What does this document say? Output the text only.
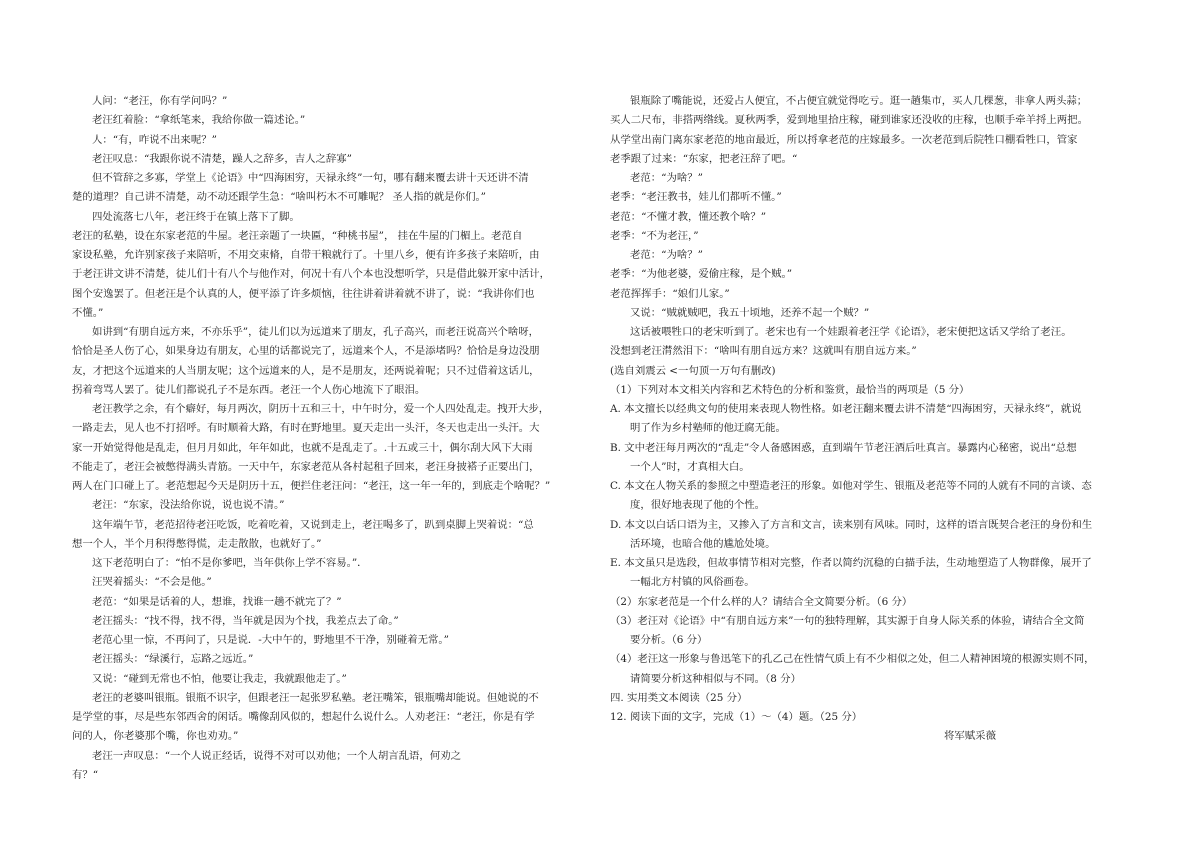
人问：“老汪，你有学问吗？”
老汪红着脸：“拿纸笔来，我给你做一篇述论。”
人：“有，咋说不出来呢？”
老汪叹息：“我跟你说不清楚，躁人之辞多，吉人之辞寡”
但不管辞之多寡，学堂上《论语》中“四海困穷，天禄永终”一句，哪有翻来覆去讲十天还讲不清
楚的道理？自己讲不清楚，动不动还跟学生急：“啥叫朽木不可雕呢？ 圣人指的就是你们。”
四处流落七八年，老汪终于在镇上落下了脚。
老汪的私塾，设在东家老范的牛屋。老汪亲题了一块匾，“种桃书屋”， 挂在牛屋的门楣上。老范自
家设私塾，允许别家孩子来陪听，不用交束脩，自带干粮就行了。十里八乡，便有许多孩子来陪听，由
于老汪讲文讲不清楚，徒儿们十有八个与他作对，何况十有八个本也没想听学，只是借此躲开家中活计，
图个安逸罢了。但老汪是个认真的人，便平添了许多烦恼，往往讲着讲着就不讲了，说：“我讲你们也
不懂。”
如讲到“有朋自远方来，不亦乐乎”，徒儿们以为远道来了朋友，孔子高兴，而老汪说高兴个啥呀，
恰恰是圣人伤了心，如果身边有朋友，心里的话都说完了，远道来个人，不是添堵吗？恰恰是身边没朋
友，才把这个远道来的人当朋友呢；这个远道来的人，是不是朋友，还两说着呢；只不过借着这话儿，
拐着弯骂人罢了。徒儿们都说孔子不是东西。老汪一个人伤心地流下了眼泪。
老汪教学之余，有个癖好，每月两次，阴历十五和三十，中午时分，爱一个人四处乱走。拽开大步，
一路走去，见人也不打招呼。有时顺着大路，有时在野地里。夏天走出一头汗，冬天也走出一头汗。大
家一开始觉得他是乱走，但月月如此，年年如此，也就不是乱走了。.十五或三十，偶尔刮大风下大雨
不能走了，老汪会被憋得满头青筋。一天中午，东家老范从各村起租子回来，老汪身披褡子正要出门，
两人在门口碰上了。老范想起今天是阴历十五，便拦住老汪问：“老汪，这一年一年的，到底走个啥呢？”
老汪：“东家，没法给你说，说也说不清。”
这年端午节，老范招待老汪吃饭，吃着吃着，又说到走上，老汪喝多了，趴到桌脚上哭着说：“总
想一个人，半个月积得憋得慌，走走散散，也就好了。”
这下老范明白了：“怕不是你爹吧，当年供你上学不容易。”．
汪哭着摇头：“不会是他。”
老范：“如果是话着的人，想谁，找谁一趟不就完了？”
老汪摇头：“找不得，找不得，当年就是因为个找，我差点去了命。”
老范心里一惊，不再问了，只是说．-大中午的，野地里不干净，别碰着无常。”
老汪摇头：“绿溪行，忘路之远近。”
又说：“碰到无常也不怕，他要让我走，我就跟他走了。”
老汪的老婆叫银瓶。银瓶不识字，但跟老汪一起张罗私塾。老汪嘴笨，银瓶嘴却能说。但她说的不
是学堂的事，尽是些东邻西舍的闲话。嘴像刮风似的，想起什么说什么。人劝老汪：“老汪，你是有学
问的人，你老婆那个嘴，你也劝劝。”
老汪一声叹息：“一个人说正经话，说得不对可以劝他；一个人胡言乱语，何劝之
有？“
银瓶除了嘴能说，还爱占人便宜，不占便宜就觉得吃亏。逛一趟集市，买人几棵葱，非拿人两头蒜；
买人二尺布，非搭两绺线。夏秋两季，爱到地里拾庄稼，碰到谁家还没收的庄稼，也顺手牵羊捋上两把。
从学堂出南门离东家老范的地亩最近，所以捋拿老范的庄嫁最多。一次老范到后院牲口棚看牲口，管家
老季跟了过来：“东家，把老汪辞了吧。“
老范：“为啥？”
老季：“老汪教书，娃儿们都听不懂。”
老范：“不懂才教，懂还教个啥？”
老季：“不为老汪，”
老范：“为啥？”
老季：“为他老婆，爱偷庄稼，是个贼。”
老范挥挥手：“娘们儿家。”
又说：“贼就贼吧，我五十顷地，还养不起一个贼？”
这话被喂牲口的老宋听到了。老宋也有一个娃跟着老汪学《论语》，老宋便把这话又学给了老汪。
没想到老汪潸然泪下：“啥叫有朋自远方来？这就叫有朋自远方来。”
(选自刘震云 <一句顶一万句有删改)
（1）下列对本文相关内容和艺术特色的分析和鉴赏，最恰当的两项是（5 分）
A. 本文擅长以经典文句的使用来表现人物性格。如老汪翻来覆去讲不清楚“四海困穷，天禄永终”，就说
明了作为乡村塾师的他迂腐无能。
B. 文中老汪每月两次的“乱走”令人备感困惑，直到端午节老汪酒后吐真言。暴露内心秘密，说出“总想
一个人”时，才真相大白。
C. 本文在人物关系的参照之中塑造老汪的形象。如他对学生、银瓶及老范等不同的人就有不同的言谈、态
度，很好地表现了他的个性。
D. 本文以白话口语为主，又掺入了方言和文言，读来别有风味。同时，这样的语言既契合老汪的身份和生
活环境，也暗合他的尴尬处境。
E. 本文虽只是选段，但故事情节相对完整，作者以简约沉稳的白描手法，生动地塑造了人物群像，展开了
一幅北方村镇的风俗画卷。
（2）东家老范是一个什么样的人？请结合全文简要分析。（6 分）
（3）老汪对《论语》中“有朋自远方来”一句的独特理解，其实源于自身人际关系的体验，请结合全文简
要分析。（6 分）
（4）老汪这一形象与鲁迅笔下的孔乙己在性情气质上有不少相似之处，但二人精神困境的根源实则不同，
请简要分析这种相似与不同。（8 分）
四. 实用类文本阅读（25 分）
12. 阅读下面的文字，完成（1）～（4）题。（25 分）
将军赋采薇
